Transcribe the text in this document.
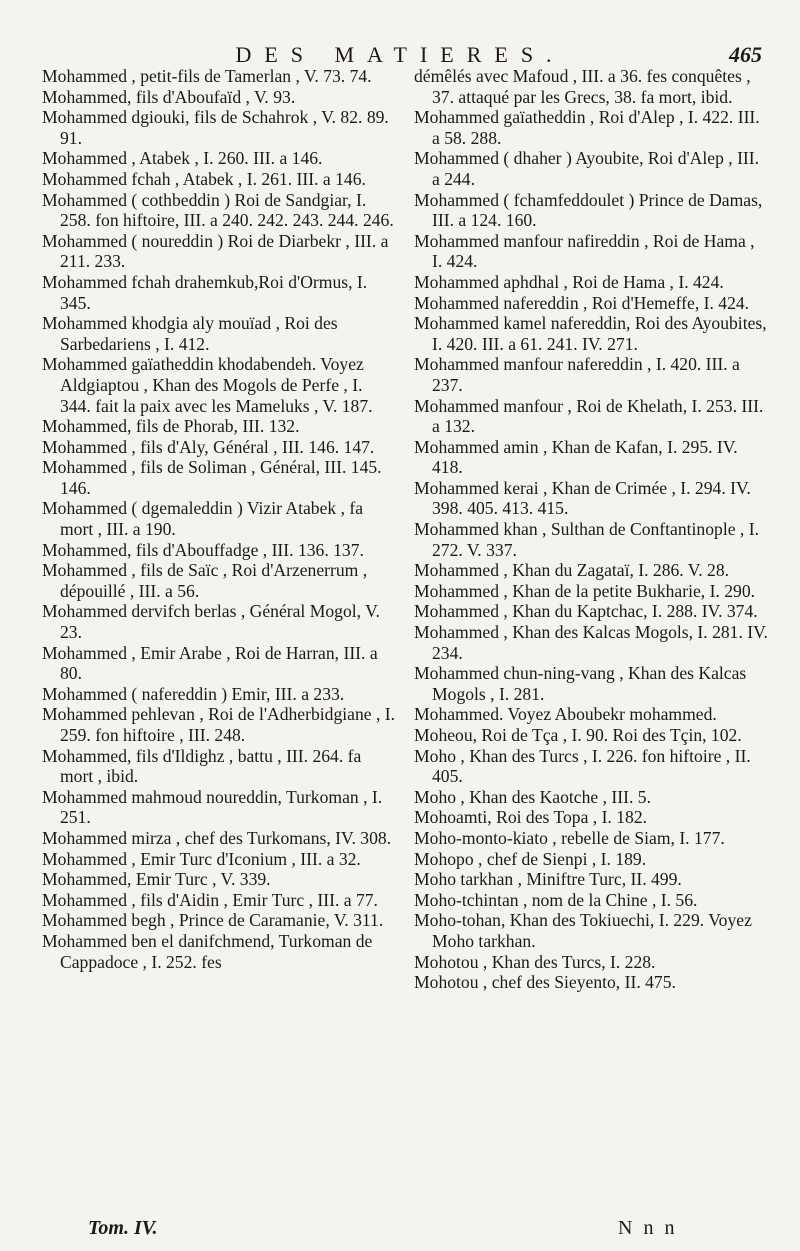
DES MATIERES.	465

Mohammed , petit-fils de Tamerlan , V. 73. 74.

Mohammed, fils d'Aboufaïd , V. 93.

Mohammed dgiouki, fils de Schahrok , V. 82. 89. 91.

Mohammed , Atabek , I. 260. III. a 146.

Mohammed fchah , Atabek , I. 261. III. a 146.

Mohammed ( cothbeddin ) Roi de Sandgiar, I. 258. fon hiftoire, III. a 240. 242. 243. 244. 246.

Mohammed ( noureddin ) Roi de Diarbekr , III. a 211. 233.

Mohammed fchah drahemkub,Roi d'Ormus, I. 345.

Mohammed khodgia aly mouïad , Roi des Sarbedariens , I. 412.

Mohammed gaïatheddin khodabendeh. Voyez Aldgiaptou , Khan des Mogols de Perfe , I. 344. fait la paix avec les Mameluks , V. 187.

Mohammed, fils de Phorab, III. 132.

Mohammed , fils d'Aly, Général , III. 146. 147.

Mohammed , fils de Soliman , Général, III. 145. 146.

Mohammed ( dgemaleddin ) Vizir Atabek , fa mort , III. a 190.

Mohammed, fils d'Abouffadge , III. 136. 137.

Mohammed , fils de Saïc , Roi d'Arzenerrum , dépouillé , III. a 56.

Mohammed dervifch berlas , Général Mogol, V. 23.

Mohammed , Emir Arabe , Roi de Harran, III. a 80.

Mohammed ( nafereddin ) Emir, III. a 233.

Mohammed pehlevan , Roi de l'Adherbidgiane , I. 259. fon hiftoire , III. 248.

Mohammed, fils d'Ildighz , battu , III. 264. fa mort , ibid.

Mohammed mahmoud noureddin, Turkoman , I. 251.

Mohammed mirza , chef des Turkomans, IV. 308.

Mohammed , Emir Turc d'Iconium , III. a 32.

Mohammed, Emir Turc , V. 339.

Mohammed , fils d'Aidin , Emir Turc , III. a 77.

Mohammed begh , Prince de Caramanie, V. 311.

Mohammed ben el danifchmend, Turkoman de Cappadoce , I. 252. fes

démêlés avec Mafoud , III. a 36. fes conquêtes , 37. attaqué par les Grecs, 38. fa mort, ibid.

Mohammed gaïatheddin , Roi d'Alep , I. 422. III. a 58. 288.

Mohammed ( dhaher ) Ayoubite, Roi d'Alep , III. a 244.

Mohammed ( fchamfeddoulet ) Prince de Damas, III. a 124. 160.

Mohammed manfour nafireddin , Roi de Hama , I. 424.

Mohammed aphdhal , Roi de Hama , I. 424.

Mohammed nafereddin , Roi d'Hemeffe, I. 424.

Mohammed kamel nafereddin, Roi des Ayoubites, I. 420. III. a 61. 241. IV. 271.

Mohammed manfour nafereddin , I. 420. III. a 237.

Mohammed manfour , Roi de Khelath, I. 253. III. a 132.

Mohammed amin , Khan de Kafan, I. 295. IV. 418.

Mohammed kerai , Khan de Crimée , I. 294. IV. 398. 405. 413. 415.

Mohammed khan , Sulthan de Conftantinople , I. 272. V. 337.

Mohammed , Khan du Zagataï, I. 286. V. 28.

Mohammed , Khan de la petite Bukharie, I. 290.

Mohammed , Khan du Kaptchac, I. 288. IV. 374.

Mohammed , Khan des Kalcas Mogols, I. 281. IV. 234.

Mohammed chun-ning-vang , Khan des Kalcas Mogols , I. 281.

Mohammed. Voyez Aboubekr mohammed.

Moheou, Roi de Tça , I. 90. Roi des Tçin, 102.

Moho , Khan des Turcs , I. 226. fon hiftoire , II. 405.

Moho , Khan des Kaotche , III. 5.

Mohoamti, Roi des Topa , I. 182.

Moho-monto-kiato , rebelle de Siam, I. 177.

Mohopo , chef de Sienpi , I. 189.

Moho tarkhan , Miniftre Turc, II. 499.

Moho-tchintan , nom de la Chine , I. 56.

Moho-tohan, Khan des Tokiuechi, I. 229. Voyez Moho tarkhan.

Mohotou , Khan des Turcs, I. 228.

Mohotou , chef des Sieyento, II. 475.

Tom. IV.	N n n
